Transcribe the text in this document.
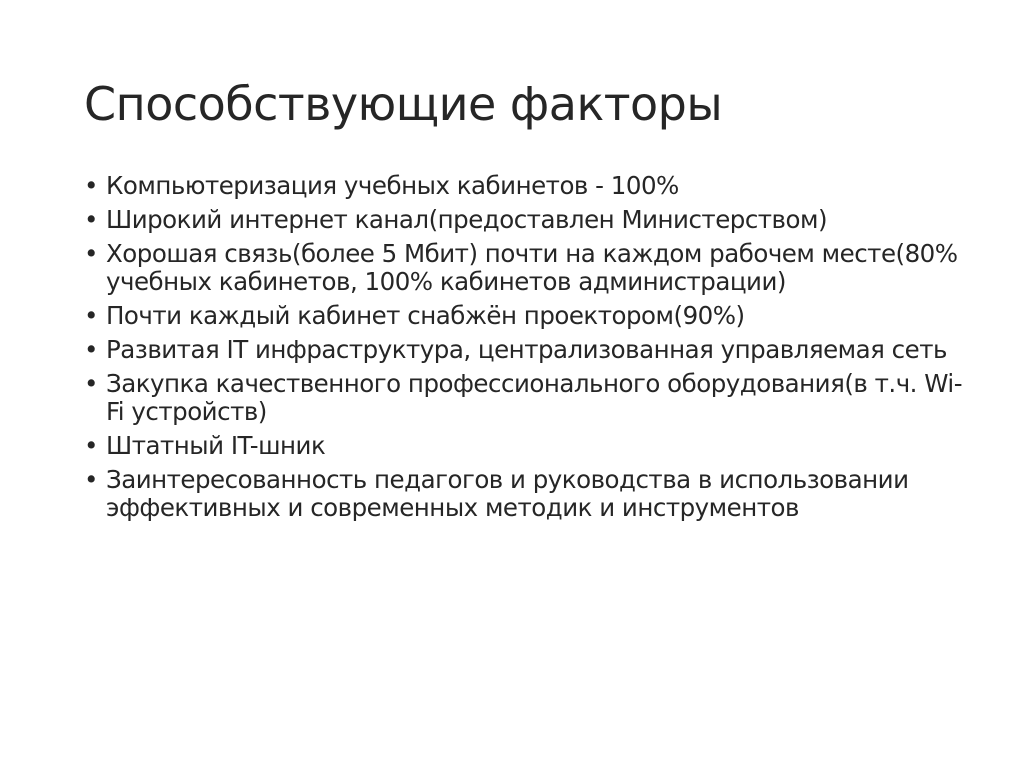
Способствующие факторы
• Компьютеризация учебных кабинетов - 100%
• Широкий интернет канал(предоставлен Министерством)
• Хорошая связь(более 5 Мбит) почти на каждом рабочем месте(80% учебных кабинетов, 100% кабинетов администрации)
• Почти каждый кабинет снабжён проектором(90%)
• Развитая IT инфраструктура, централизованная управляемая сеть
• Закупка качественного профессионального оборудования(в т.ч. Wi-Fi устройств)
• Штатный IT-шник
• Заинтересованность педагогов и руководства в использовании эффективных и современных методик и инструментов
